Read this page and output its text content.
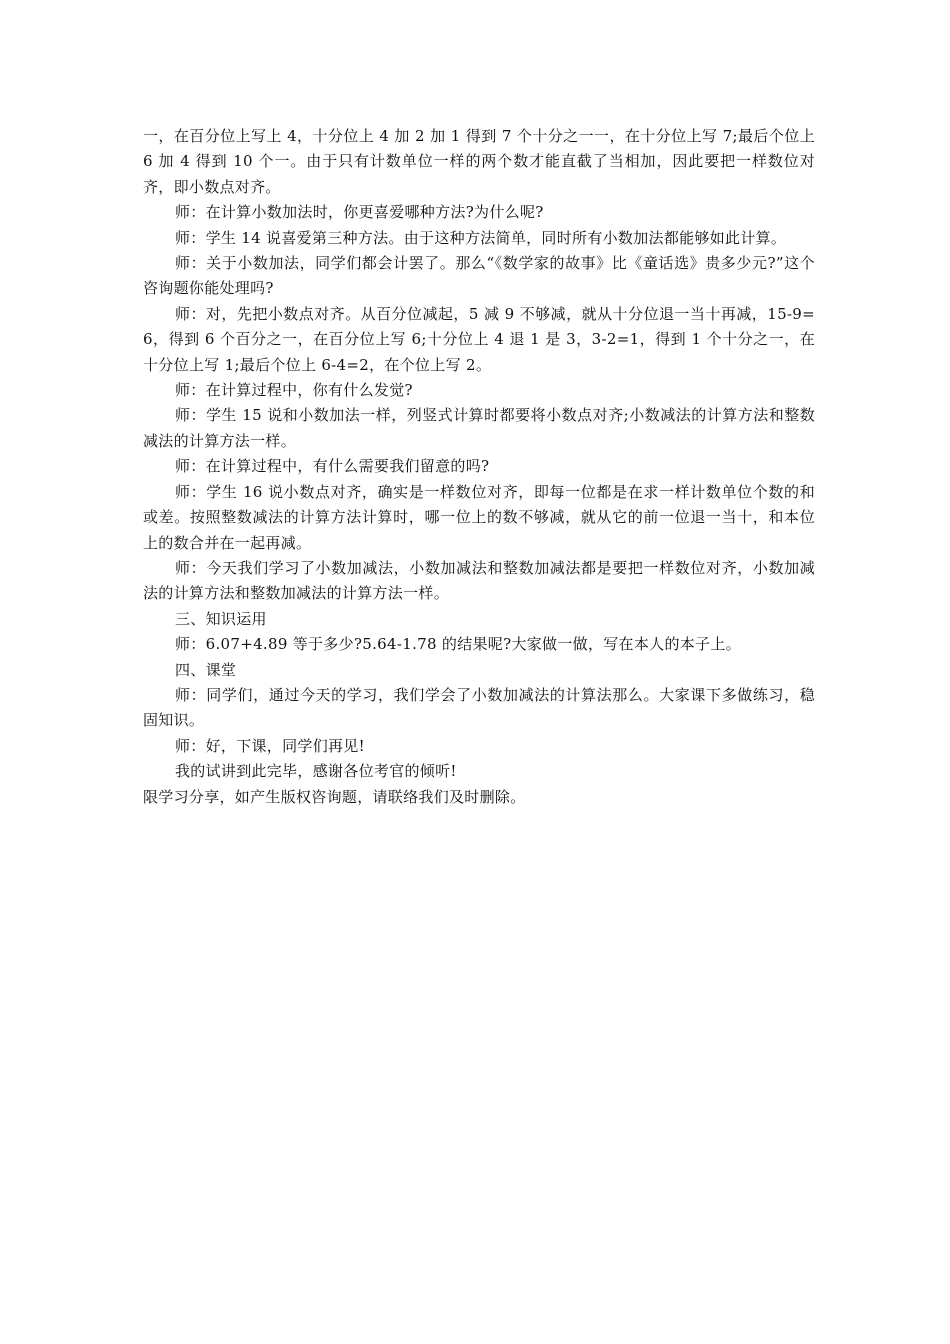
一，在百分位上写上 4，十分位上 4 加 2 加 1 得到 7 个十分之一一，在十分位上写 7;最后个位上 6 加 4 得到 10 个一。由于只有计数单位一样的两个数才能直截了当相加，因此要把一样数位对齐，即小数点对齐。

师：在计算小数加法时，你更喜爱哪种方法?为什么呢?

师：学生 14 说喜爱第三种方法。由于这种方法简单，同时所有小数加法都能够如此计算。

师：关于小数加法，同学们都会计罢了。那么“《数学家的故事》比《童话选》贵多少元?”这个咨询题你能处理吗?

师：对，先把小数点对齐。从百分位减起，5 减 9 不够减，就从十分位退一当十再减，15-9=6，得到 6 个百分之一，在百分位上写 6;十分位上 4 退 1 是 3，3-2=1，得到 1 个十分之一，在十分位上写 1;最后个位上 6-4=2，在个位上写 2。

师：在计算过程中，你有什么发觉?

师：学生 15 说和小数加法一样，列竖式计算时都要将小数点对齐;小数减法的计算方法和整数减法的计算方法一样。

师：在计算过程中，有什么需要我们留意的吗?

师：学生 16 说小数点对齐，确实是一样数位对齐，即每一位都是在求一样计数单位个数的和或差。按照整数减法的计算方法计算时，哪一位上的数不够减，就从它的前一位退一当十，和本位上的数合并在一起再减。

师：今天我们学习了小数加减法，小数加减法和整数加减法都是要把一样数位对齐，小数加减法的计算方法和整数加减法的计算方法一样。

三、知识运用

师：6.07+4.89 等于多少?5.64-1.78 的结果呢?大家做一做，写在本人的本子上。

四、课堂

师：同学们，通过今天的学习，我们学会了小数加减法的计算法那么。大家课下多做练习，稳固知识。

师：好，下课，同学们再见!

我的试讲到此完毕，感谢各位考官的倾听!

限学习分享，如产生版权咨询题，请联络我们及时删除。
